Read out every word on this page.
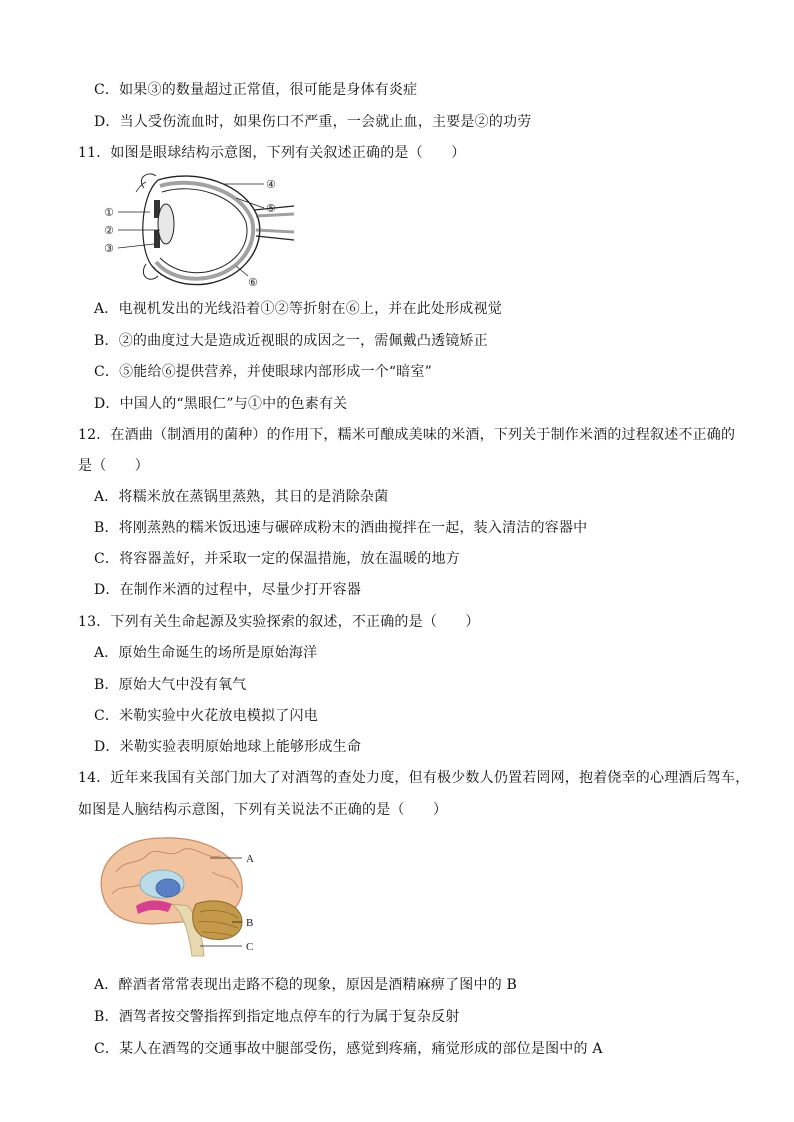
C．如果③的数量超过正常值，很可能是身体有炎症
D．当人受伤流血时，如果伤口不严重，一会就止血，主要是②的功劳
11．如图是眼球结构示意图，下列有关叙述正确的是（　　）
①
②
③
④
⑤
⑥
A．电视机发出的光线沿着①②等折射在⑥上，并在此处形成视觉
B．②的曲度过大是造成近视眼的成因之一，需佩戴凸透镜矫正
C．⑤能给⑥提供营养，并使眼球内部形成一个“暗室”
D．中国人的“黑眼仁”与①中的色素有关
12．在酒曲（制酒用的菌种）的作用下，糯米可酿成美味的米酒，下列关于制作米酒的过程叙述不正确的
是（　　）
A．将糯米放在蒸锅里蒸熟，其日的是消除杂菌
B．将刚蒸熟的糯米饭迅速与碾碎成粉末的酒曲搅拌在一起，装入清洁的容器中
C．将容器盖好，并采取一定的保温措施，放在温暖的地方
D．在制作米酒的过程中，尽量少打开容器
13．下列有关生命起源及实验探索的叙述，不正确的是（　　）
A．原始生命诞生的场所是原始海洋
B．原始大气中没有氧气
C．米勒实验中火花放电模拟了闪电
D．米勒实验表明原始地球上能够形成生命
14．近年来我国有关部门加大了对酒驾的查处力度，但有极少数人仍置若罔网，抱着侥幸的心理酒后驾车，
如图是人脑结构示意图，下列有关说法不正确的是（　　）
A
B
C
A．醉酒者常常表现出走路不稳的现象，原因是酒精麻痹了图中的 B
B．酒驾者按交警指挥到指定地点停车的行为属于复杂反射
C．某人在酒驾的交通事故中腿部受伤，感觉到疼痛，痛觉形成的部位是图中的 A
